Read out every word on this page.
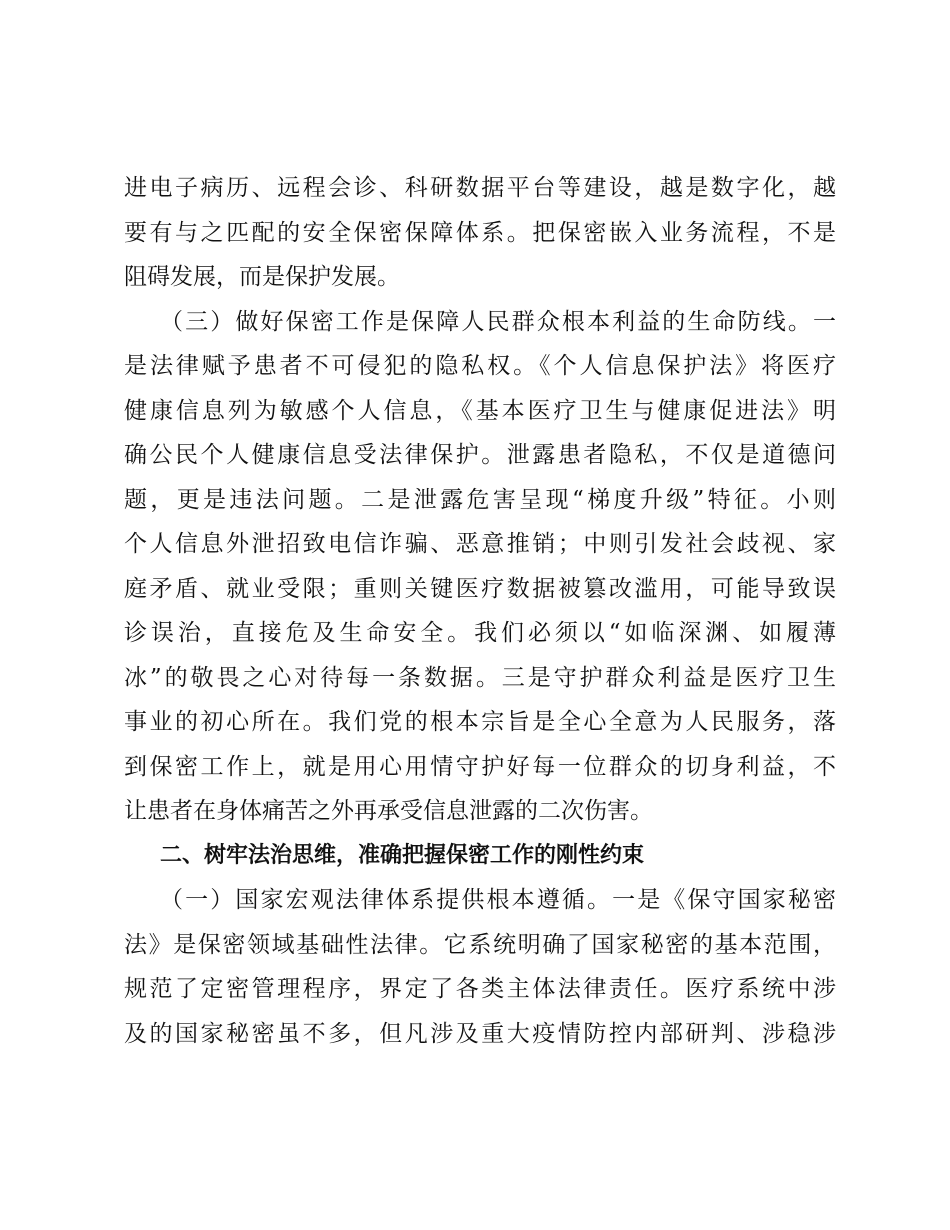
进电子病历、远程会诊、科研数据平台等建设，越是数字化，越
要有与之匹配的安全保密保障体系。把保密嵌入业务流程，不是
阻碍发展，而是保护发展。
（三）做好保密工作是保障人民群众根本利益的生命防线。一
是法律赋予患者不可侵犯的隐私权。《个人信息保护法》将医疗
健康信息列为敏感个人信息，《基本医疗卫生与健康促进法》明
确公民个人健康信息受法律保护。泄露患者隐私，不仅是道德问
题，更是违法问题。二是泄露危害呈现“梯度升级”特征。小则
个人信息外泄招致电信诈骗、恶意推销；中则引发社会歧视、家
庭矛盾、就业受限；重则关键医疗数据被篡改滥用，可能导致误
诊误治，直接危及生命安全。我们必须以“如临深渊、如履薄
冰”的敬畏之心对待每一条数据。三是守护群众利益是医疗卫生
事业的初心所在。我们党的根本宗旨是全心全意为人民服务，落
到保密工作上，就是用心用情守护好每一位群众的切身利益，不
让患者在身体痛苦之外再承受信息泄露的二次伤害。
二、树牢法治思维，准确把握保密工作的刚性约束
（一）国家宏观法律体系提供根本遵循。一是《保守国家秘密
法》是保密领域基础性法律。它系统明确了国家秘密的基本范围，
规范了定密管理程序，界定了各类主体法律责任。医疗系统中涉
及的国家秘密虽不多，但凡涉及重大疫情防控内部研判、涉稳涉
